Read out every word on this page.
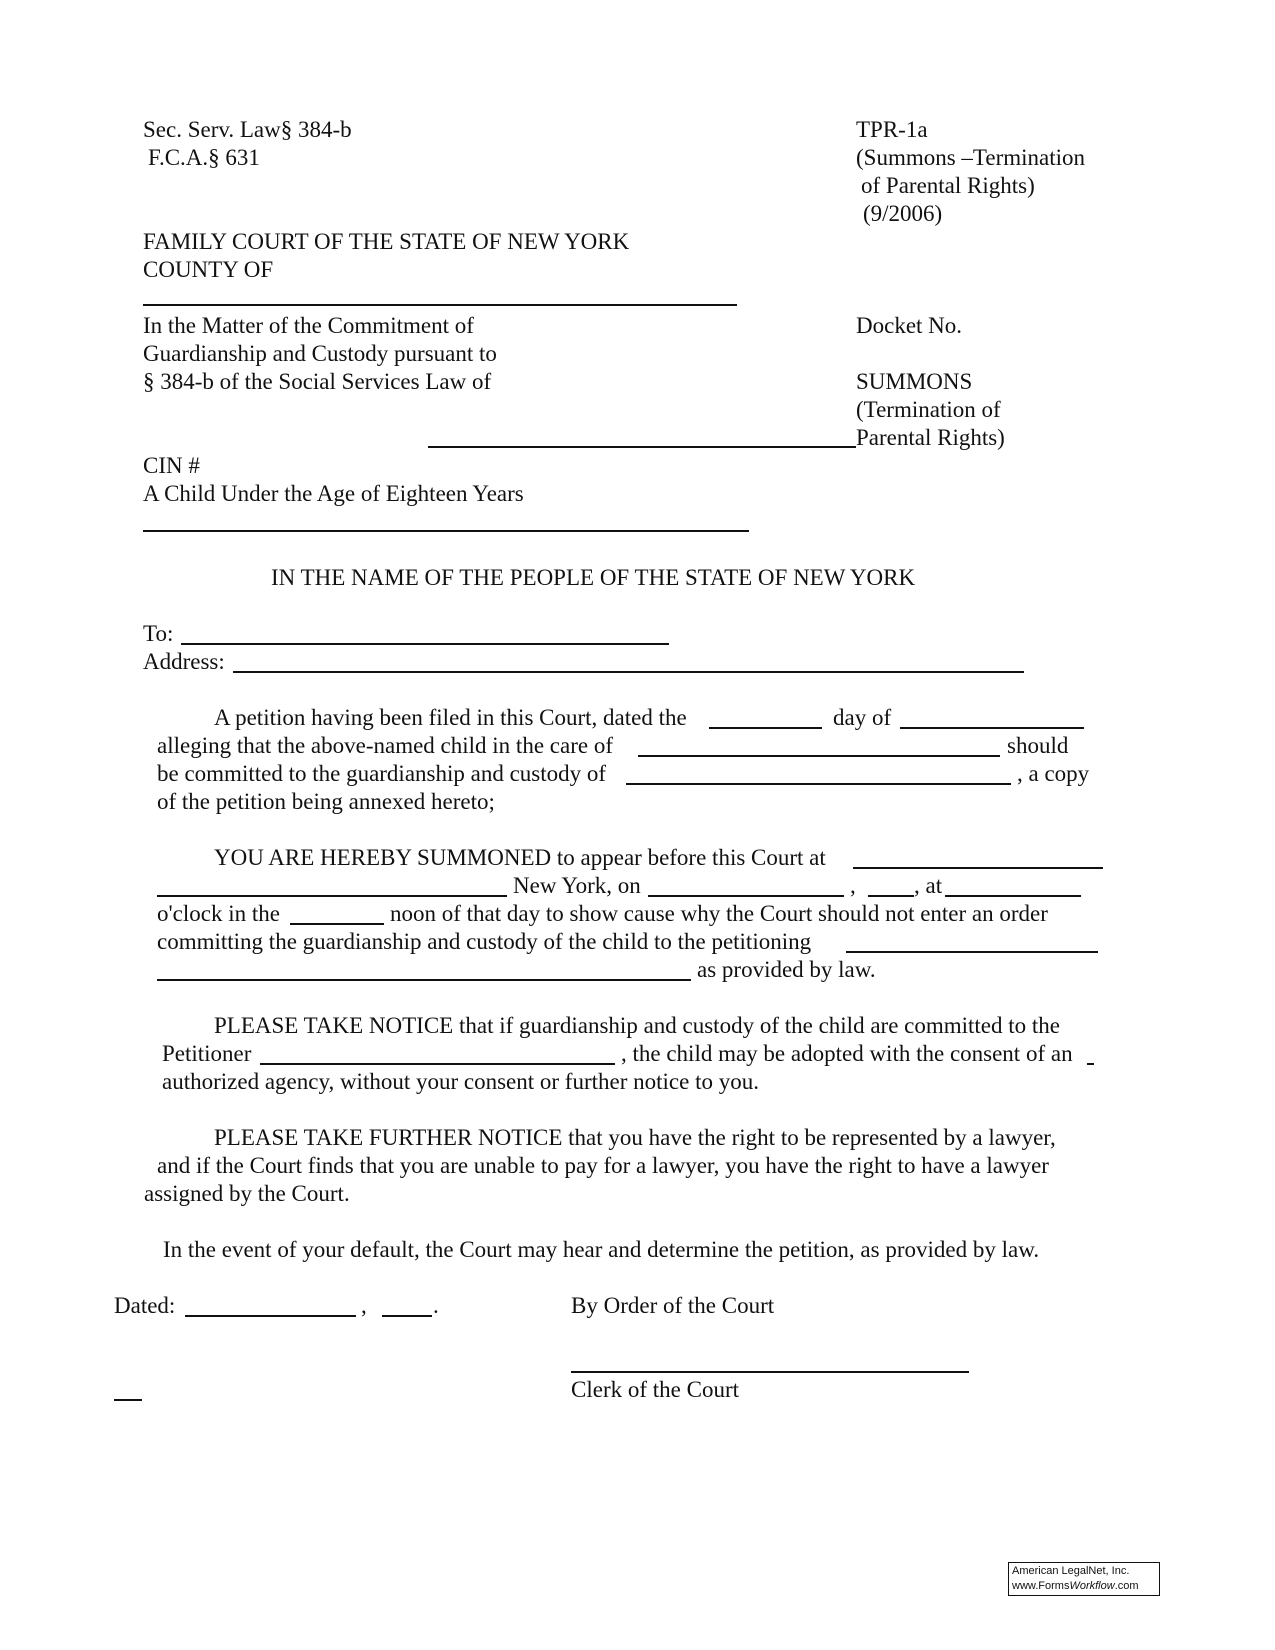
Sec. Serv. Law§ 384-b
F.C.A.§ 631
TPR-1a
(Summons –Termination
of Parental Rights)
(9/2006)
FAMILY COURT OF THE STATE OF NEW YORK
COUNTY OF
In the Matter of the Commitment of
Guardianship and Custody pursuant to
§ 384-b of the Social Services Law of
CIN #
A Child Under the Age of Eighteen Years
Docket No.
SUMMONS
(Termination of
Parental Rights)
IN THE NAME OF THE PEOPLE OF THE STATE OF NEW YORK
To:
Address:
A petition having been filed in this Court, dated the	day of
alleging that the above-named child in the care of	should
be committed to the guardianship and custody of	, a copy
of the petition being annexed hereto;
YOU ARE HEREBY SUMMONED to appear before this Court at
New York, on	,	, at
o'clock in the	noon of that day to show cause why the Court should not enter an order
committing the guardianship and custody of the child to the petitioning
as provided by law.
PLEASE TAKE NOTICE that if guardianship and custody of the child are committed to the
Petitioner	, the child may be adopted with the consent of an
authorized agency, without your consent or further notice to you.
PLEASE TAKE FURTHER NOTICE that you have the right to be represented by a lawyer,
and if the Court finds that you are unable to pay for a lawyer, you have the right to have a lawyer
assigned by the Court.
In the event of your default, the Court may hear and determine the petition, as provided by law.
Dated:	,	.	By Order of the Court
Clerk of the Court
American LegalNet, Inc.
www.FormsWorkflow.com
